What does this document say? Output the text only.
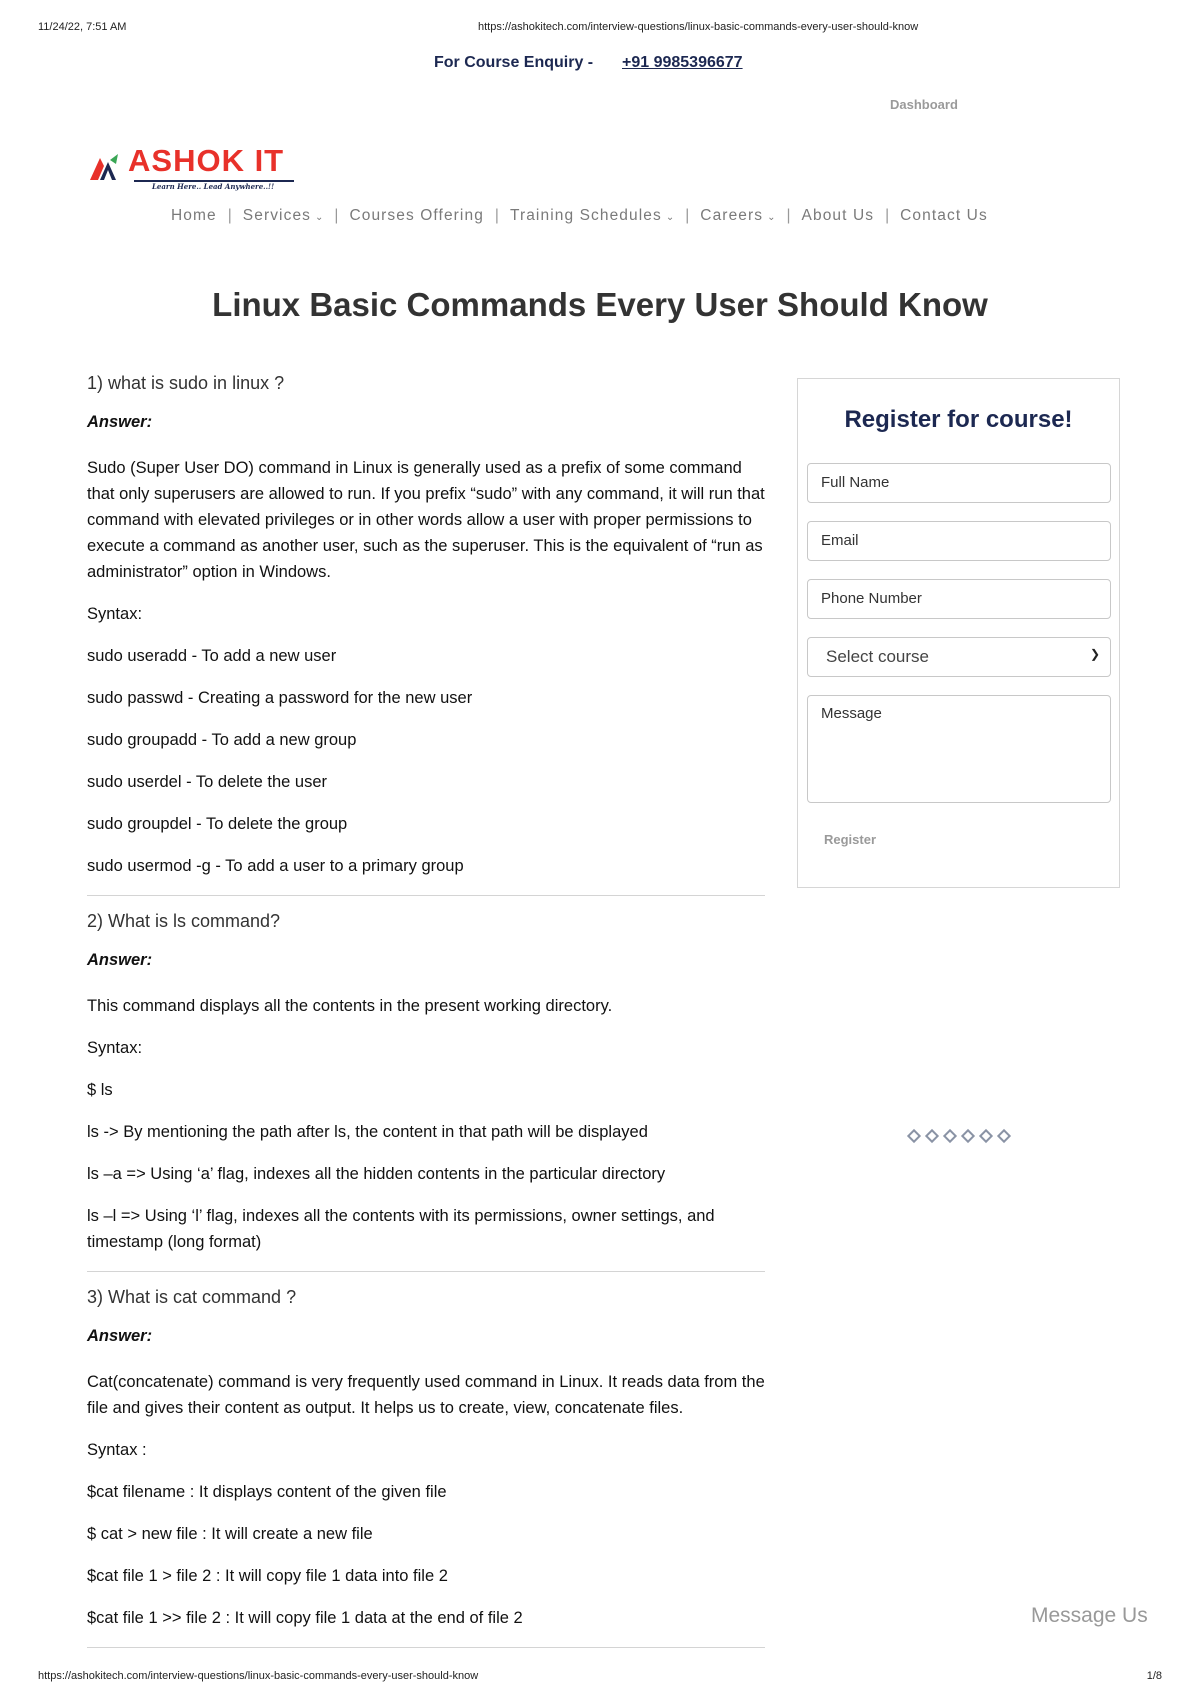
11/24/22, 7:51 AM	https://ashokitech.com/interview-questions/linux-basic-commands-every-user-should-know
For Course Enquiry - +91 9985396677
Dashboard
ASHOK IT
Learn Here.. Lead Anywhere..!!
Home | Services ⌄ | Courses Offering | Training Schedules ⌄ | Careers ⌄ | About Us | Contact Us
Linux Basic Commands Every User Should Know
1) what is sudo in linux ?
Answer:

Sudo (Super User DO) command in Linux is generally used as a prefix of some command that only superusers are allowed to run. If you prefix “sudo” with any command, it will run that command with elevated privileges or in other words allow a user with proper permissions to execute a command as another user, such as the superuser. This is the equivalent of “run as administrator” option in Windows.

Syntax:

sudo useradd - To add a new user

sudo passwd - Creating a password for the new user

sudo groupadd - To add a new group

sudo userdel - To delete the user

sudo groupdel - To delete the group

sudo usermod -g - To add a user to a primary group

2) What is ls command?
Answer:

This command displays all the contents in the present working directory.

Syntax:

$ ls

ls -> By mentioning the path after ls, the content in that path will be displayed

ls –a => Using ‘a’ flag, indexes all the hidden contents in the particular directory

ls –l => Using ‘l’ flag, indexes all the contents with its permissions, owner settings, and timestamp (long format)

3) What is cat command ?
Answer:

Cat(concatenate) command is very frequently used command in Linux. It reads data from the file and gives their content as output. It helps us to create, view, concatenate files.

Syntax :

$cat filename : It displays content of the given file

$ cat > new file : It will create a new file

$cat file 1 > file 2 : It will copy file 1 data into file 2

$cat file 1 >> file 2 : It will copy file 1 data at the end of file 2

Register for course!
Full Name
Email
Phone Number
Select course	❯
Message
Register
Message Us
https://ashokitech.com/interview-questions/linux-basic-commands-every-user-should-know	1/8
